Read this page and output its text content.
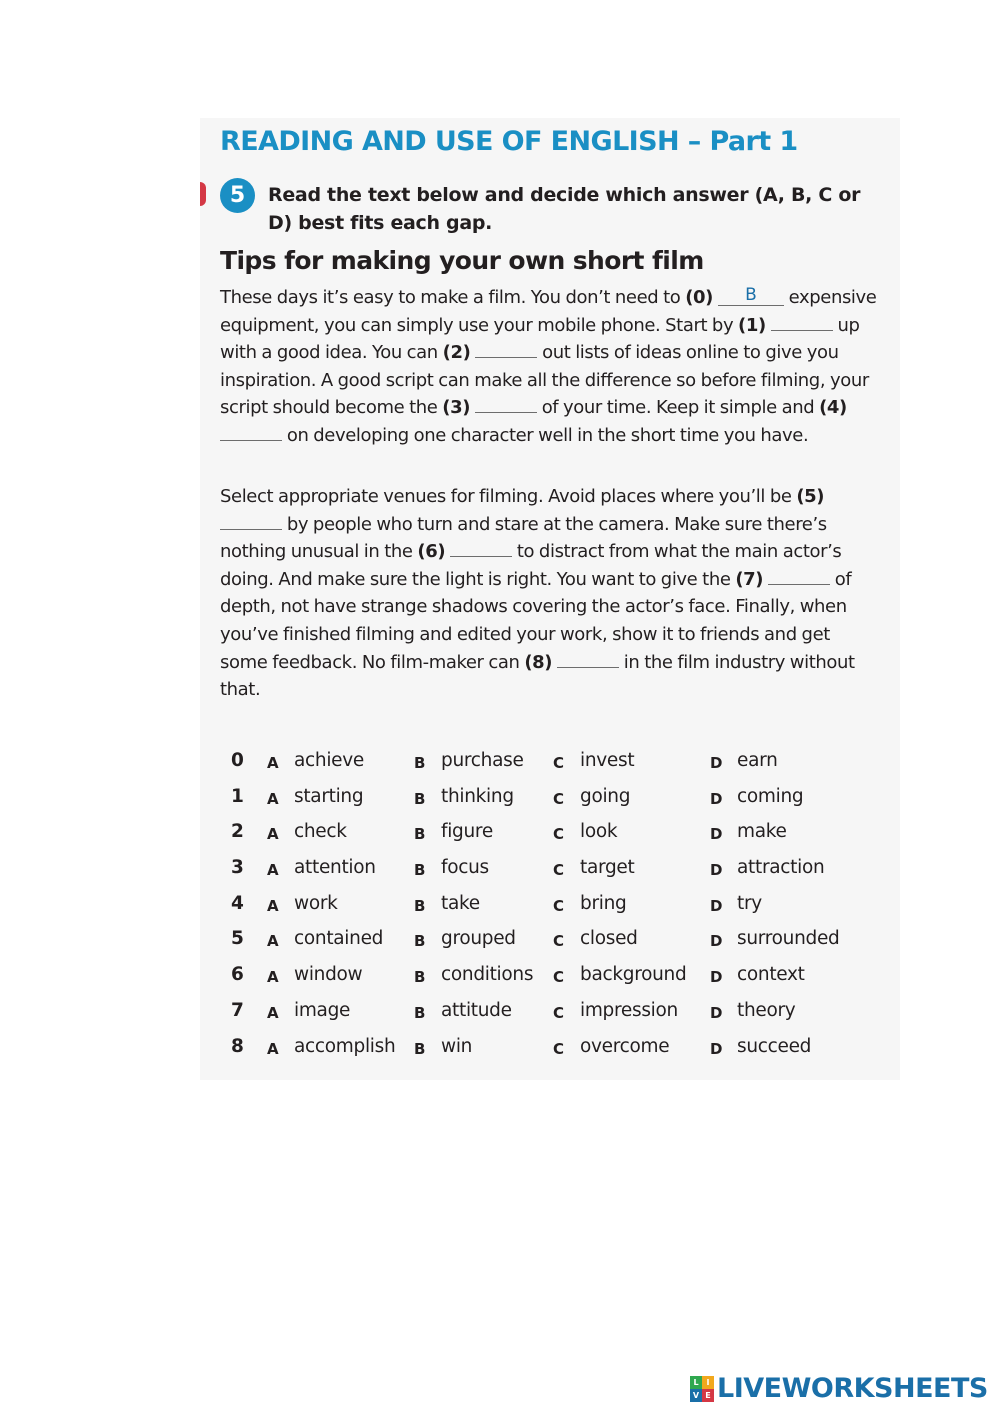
READING AND USE OF ENGLISH – Part 1
5	Read the text below and decide which answer (A, B, C or D) best fits each gap.

Tips for making your own short film

These days it’s easy to make a film. You don’t need to (0) B expensive equipment, you can simply use your mobile phone. Start by (1)	up with a good idea. You can (2)	out lists of ideas online to give you inspiration. A good script can make all the difference so before filming, your script should become the (3)	of your time. Keep it simple and (4)  on developing one character well in the short time you have.

Select appropriate venues for filming. Avoid places where you’ll be (5)  by people who turn and stare at the camera. Make sure there’s nothing unusual in the (6)	to distract from what the main actor’s doing. And make sure the light is right. You want to give the (7)	of depth, not have strange shadows covering the actor’s face. Finally, when you’ve finished filming and edited your work, show it to friends and get some feedback. No film-maker can (8)	in the film industry without that.

0 A achieve	B purchase C invest	D earn
1 A starting	B thinking	C going	D coming
2 A check	B figure	C look	D make
3 A attention	B focus	C target	D attraction
4 A work	B take	C bring	D try
5 A contained B grouped C closed	D surrounded
6 A window	B conditions C background D context
7 A image	B attitude	C impression D theory
8 A accomplish B win	C overcome	D succeed
L I
V E LIVEWORKSHEETS
